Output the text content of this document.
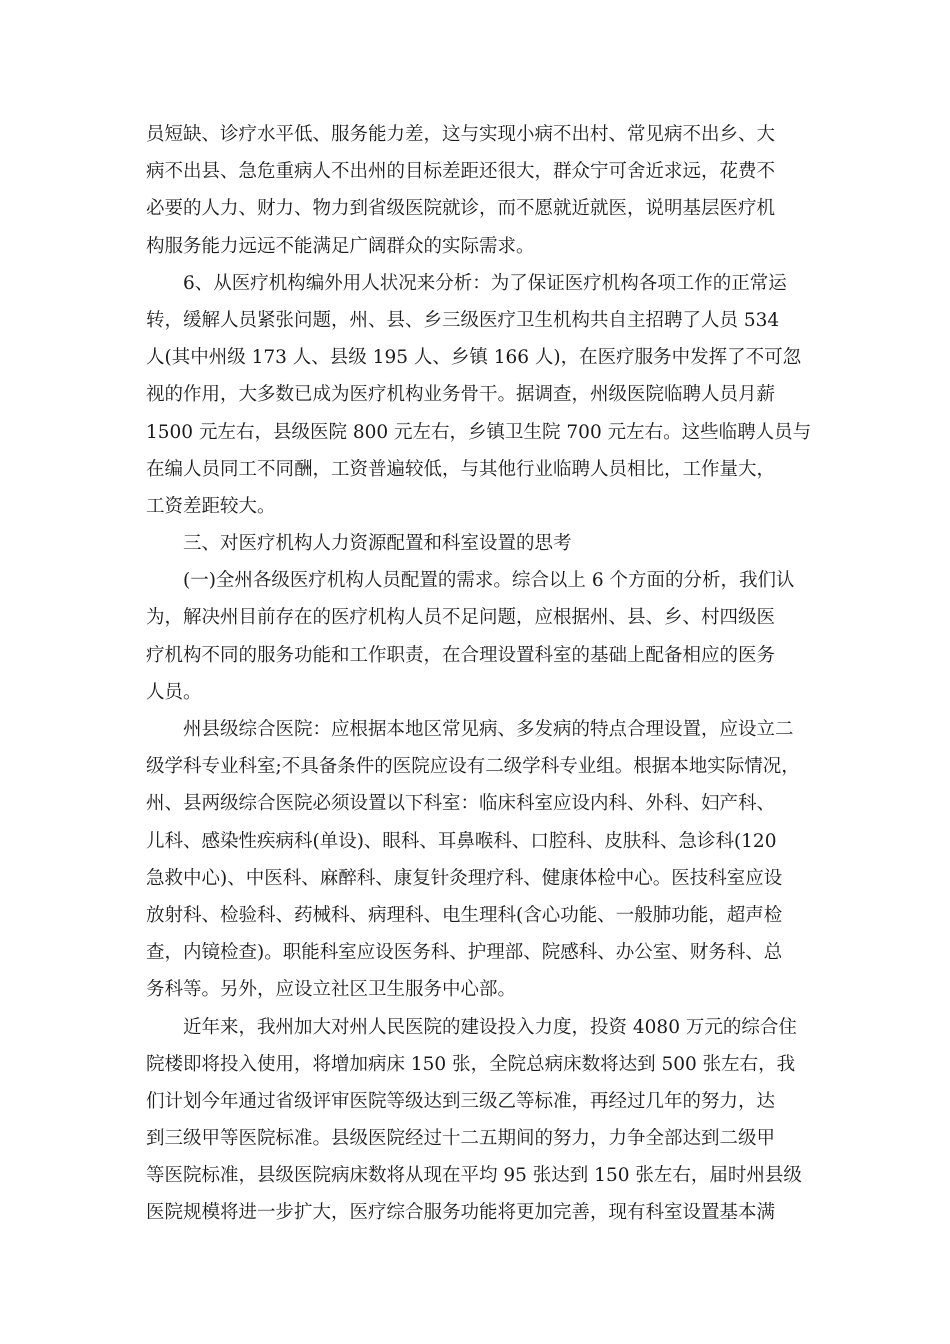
员短缺、诊疗水平低、服务能力差，这与实现小病不出村、常见病不出乡、大
病不出县、急危重病人不出州的目标差距还很大，群众宁可舍近求远，花费不
必要的人力、财力、物力到省级医院就诊，而不愿就近就医，说明基层医疗机
构服务能力远远不能满足广阔群众的实际需求。
6、从医疗机构编外用人状况来分析：为了保证医疗机构各项工作的正常运
转，缓解人员紧张问题，州、县、乡三级医疗卫生机构共自主招聘了人员 534
人(其中州级 173 人、县级 195 人、乡镇 166 人)，在医疗服务中发挥了不可忽
视的作用，大多数已成为医疗机构业务骨干。据调查，州级医院临聘人员月薪
1500 元左右，县级医院 800 元左右，乡镇卫生院 700 元左右。这些临聘人员与
在编人员同工不同酬，工资普遍较低，与其他行业临聘人员相比，工作量大，
工资差距较大。
三、对医疗机构人力资源配置和科室设置的思考
(一)全州各级医疗机构人员配置的需求。综合以上 6 个方面的分析，我们认
为，解决州目前存在的医疗机构人员不足问题，应根据州、县、乡、村四级医
疗机构不同的服务功能和工作职责，在合理设置科室的基础上配备相应的医务
人员。
州县级综合医院：应根据本地区常见病、多发病的特点合理设置，应设立二
级学科专业科室;不具备条件的医院应设有二级学科专业组。根据本地实际情况，
州、县两级综合医院必须设置以下科室：临床科室应设内科、外科、妇产科、
儿科、感染性疾病科(单设)、眼科、耳鼻喉科、口腔科、皮肤科、急诊科(120
急救中心)、中医科、麻醉科、康复针灸理疗科、健康体检中心。医技科室应设
放射科、检验科、药械科、病理科、电生理科(含心功能、一般肺功能，超声检
查，内镜检查)。职能科室应设医务科、护理部、院感科、办公室、财务科、总
务科等。另外，应设立社区卫生服务中心部。
近年来，我州加大对州人民医院的建设投入力度，投资 4080 万元的综合住
院楼即将投入使用，将增加病床 150 张，全院总病床数将达到 500 张左右，我
们计划今年通过省级评审医院等级达到三级乙等标准，再经过几年的努力，达
到三级甲等医院标准。县级医院经过十二五期间的努力，力争全部达到二级甲
等医院标准，县级医院病床数将从现在平均 95 张达到 150 张左右，届时州县级
医院规模将进一步扩大，医疗综合服务功能将更加完善，现有科室设置基本满
